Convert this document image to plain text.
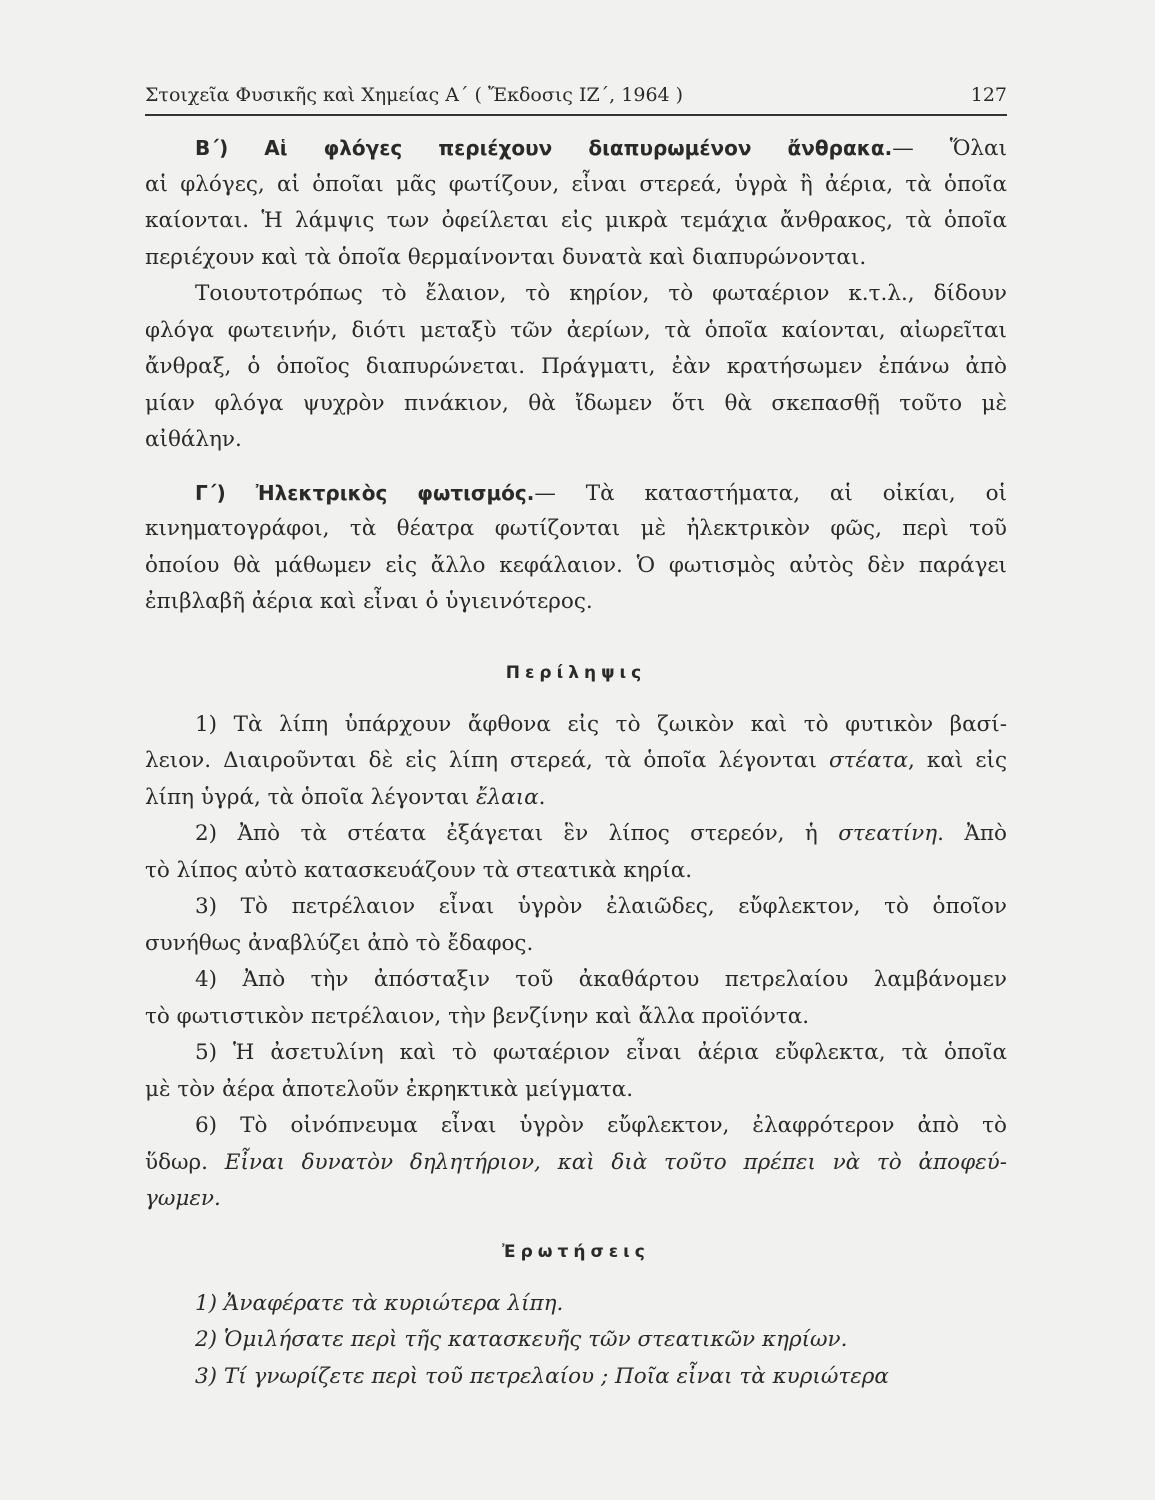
Στοιχεῖα Φυσικῆς καὶ Χημείας Α΄ ( Ἔκδοσις ΙΖ΄, 1964 )	127
Β΄) Αἱ φλόγες περιέχουν διαπυρωμένον ἄνθρακα.— Ὅλαι
αἱ φλόγες, αἱ ὁποῖαι μᾶς φωτίζουν, εἶναι στερεά, ὑγρὰ ἢ ἀέρια, τὰ ὁποῖα
καίονται. Ἡ λάμψις των ὀφείλεται εἰς μικρὰ τεμάχια ἄνθρακος, τὰ ὁποῖα
περιέχουν καὶ τὰ ὁποῖα θερμαίνονται δυνατὰ καὶ διαπυρώνονται.
Τοιουτοτρόπως τὸ ἔλαιον, τὸ κηρίον, τὸ φωταέριον κ.τ.λ., δίδουν
φλόγα φωτεινήν, διότι μεταξὺ τῶν ἀερίων, τὰ ὁποῖα καίονται, αἰωρεῖται
ἄνθραξ, ὁ ὁποῖος διαπυρώνεται. Πράγματι, ἐὰν κρατήσωμεν ἐπάνω ἀπὸ
μίαν φλόγα ψυχρὸν πινάκιον, θὰ ἴδωμεν ὅτι θὰ σκεπασθῇ τοῦτο μὲ
αἰθάλην.
Γ΄) Ἠλεκτρικὸς φωτισμός.— Τὰ καταστήματα, αἱ οἰκίαι, οἱ
κινηματογράφοι, τὰ θέατρα φωτίζονται μὲ ἠλεκτρικὸν φῶς, περὶ τοῦ
ὁποίου θὰ μάθωμεν εἰς ἄλλο κεφάλαιον. Ὁ φωτισμὸς αὐτὸς δὲν παράγει
ἐπιβλαβῆ ἀέρια καὶ εἶναι ὁ ὑγιεινότερος.
Περίληψις
1) Τὰ λίπη ὑπάρχουν ἄφθονα εἰς τὸ ζωικὸν καὶ τὸ φυτικὸν βασί-
λειον. Διαιροῦνται δὲ εἰς λίπη στερεά, τὰ ὁποῖα λέγονται στέατα, καὶ εἰς
λίπη ὑγρά, τὰ ὁποῖα λέγονται ἔλαια.
2) Ἀπὸ τὰ στέατα ἐξάγεται ἓν λίπος στερεόν, ἡ στεατίνη. Ἀπὸ
τὸ λίπος αὐτὸ κατασκευάζουν τὰ στεατικὰ κηρία.
3) Τὸ πετρέλαιον εἶναι ὑγρὸν ἐλαιῶδες, εὔφλεκτον, τὸ ὁποῖον
συνήθως ἀναβλύζει ἀπὸ τὸ ἔδαφος.
4) Ἀπὸ τὴν ἀπόσταξιν τοῦ ἀκαθάρτου πετρελαίου λαμβάνομεν
τὸ φωτιστικὸν πετρέλαιον, τὴν βενζίνην καὶ ἄλλα προϊόντα.
5) Ἡ ἀσετυλίνη καὶ τὸ φωταέριον εἶναι ἀέρια εὔφλεκτα, τὰ ὁποῖα
μὲ τὸν ἀέρα ἀποτελοῦν ἐκρηκτικὰ μείγματα.
6) Τὸ οἰνόπνευμα εἶναι ὑγρὸν εὔφλεκτον, ἐλαφρότερον ἀπὸ τὸ
ὕδωρ. Εἶναι δυνατὸν δηλητήριον, καὶ διὰ τοῦτο πρέπει νὰ τὸ ἀποφεύ-
γωμεν.
Ἐρωτήσεις
1) Ἀναφέρατε τὰ κυριώτερα λίπη.
2) Ὁμιλήσατε περὶ τῆς κατασκευῆς τῶν στεατικῶν κηρίων.
3) Τί γνωρίζετε περὶ τοῦ πετρελαίου ; Ποῖα εἶναι τὰ κυριώτερα
